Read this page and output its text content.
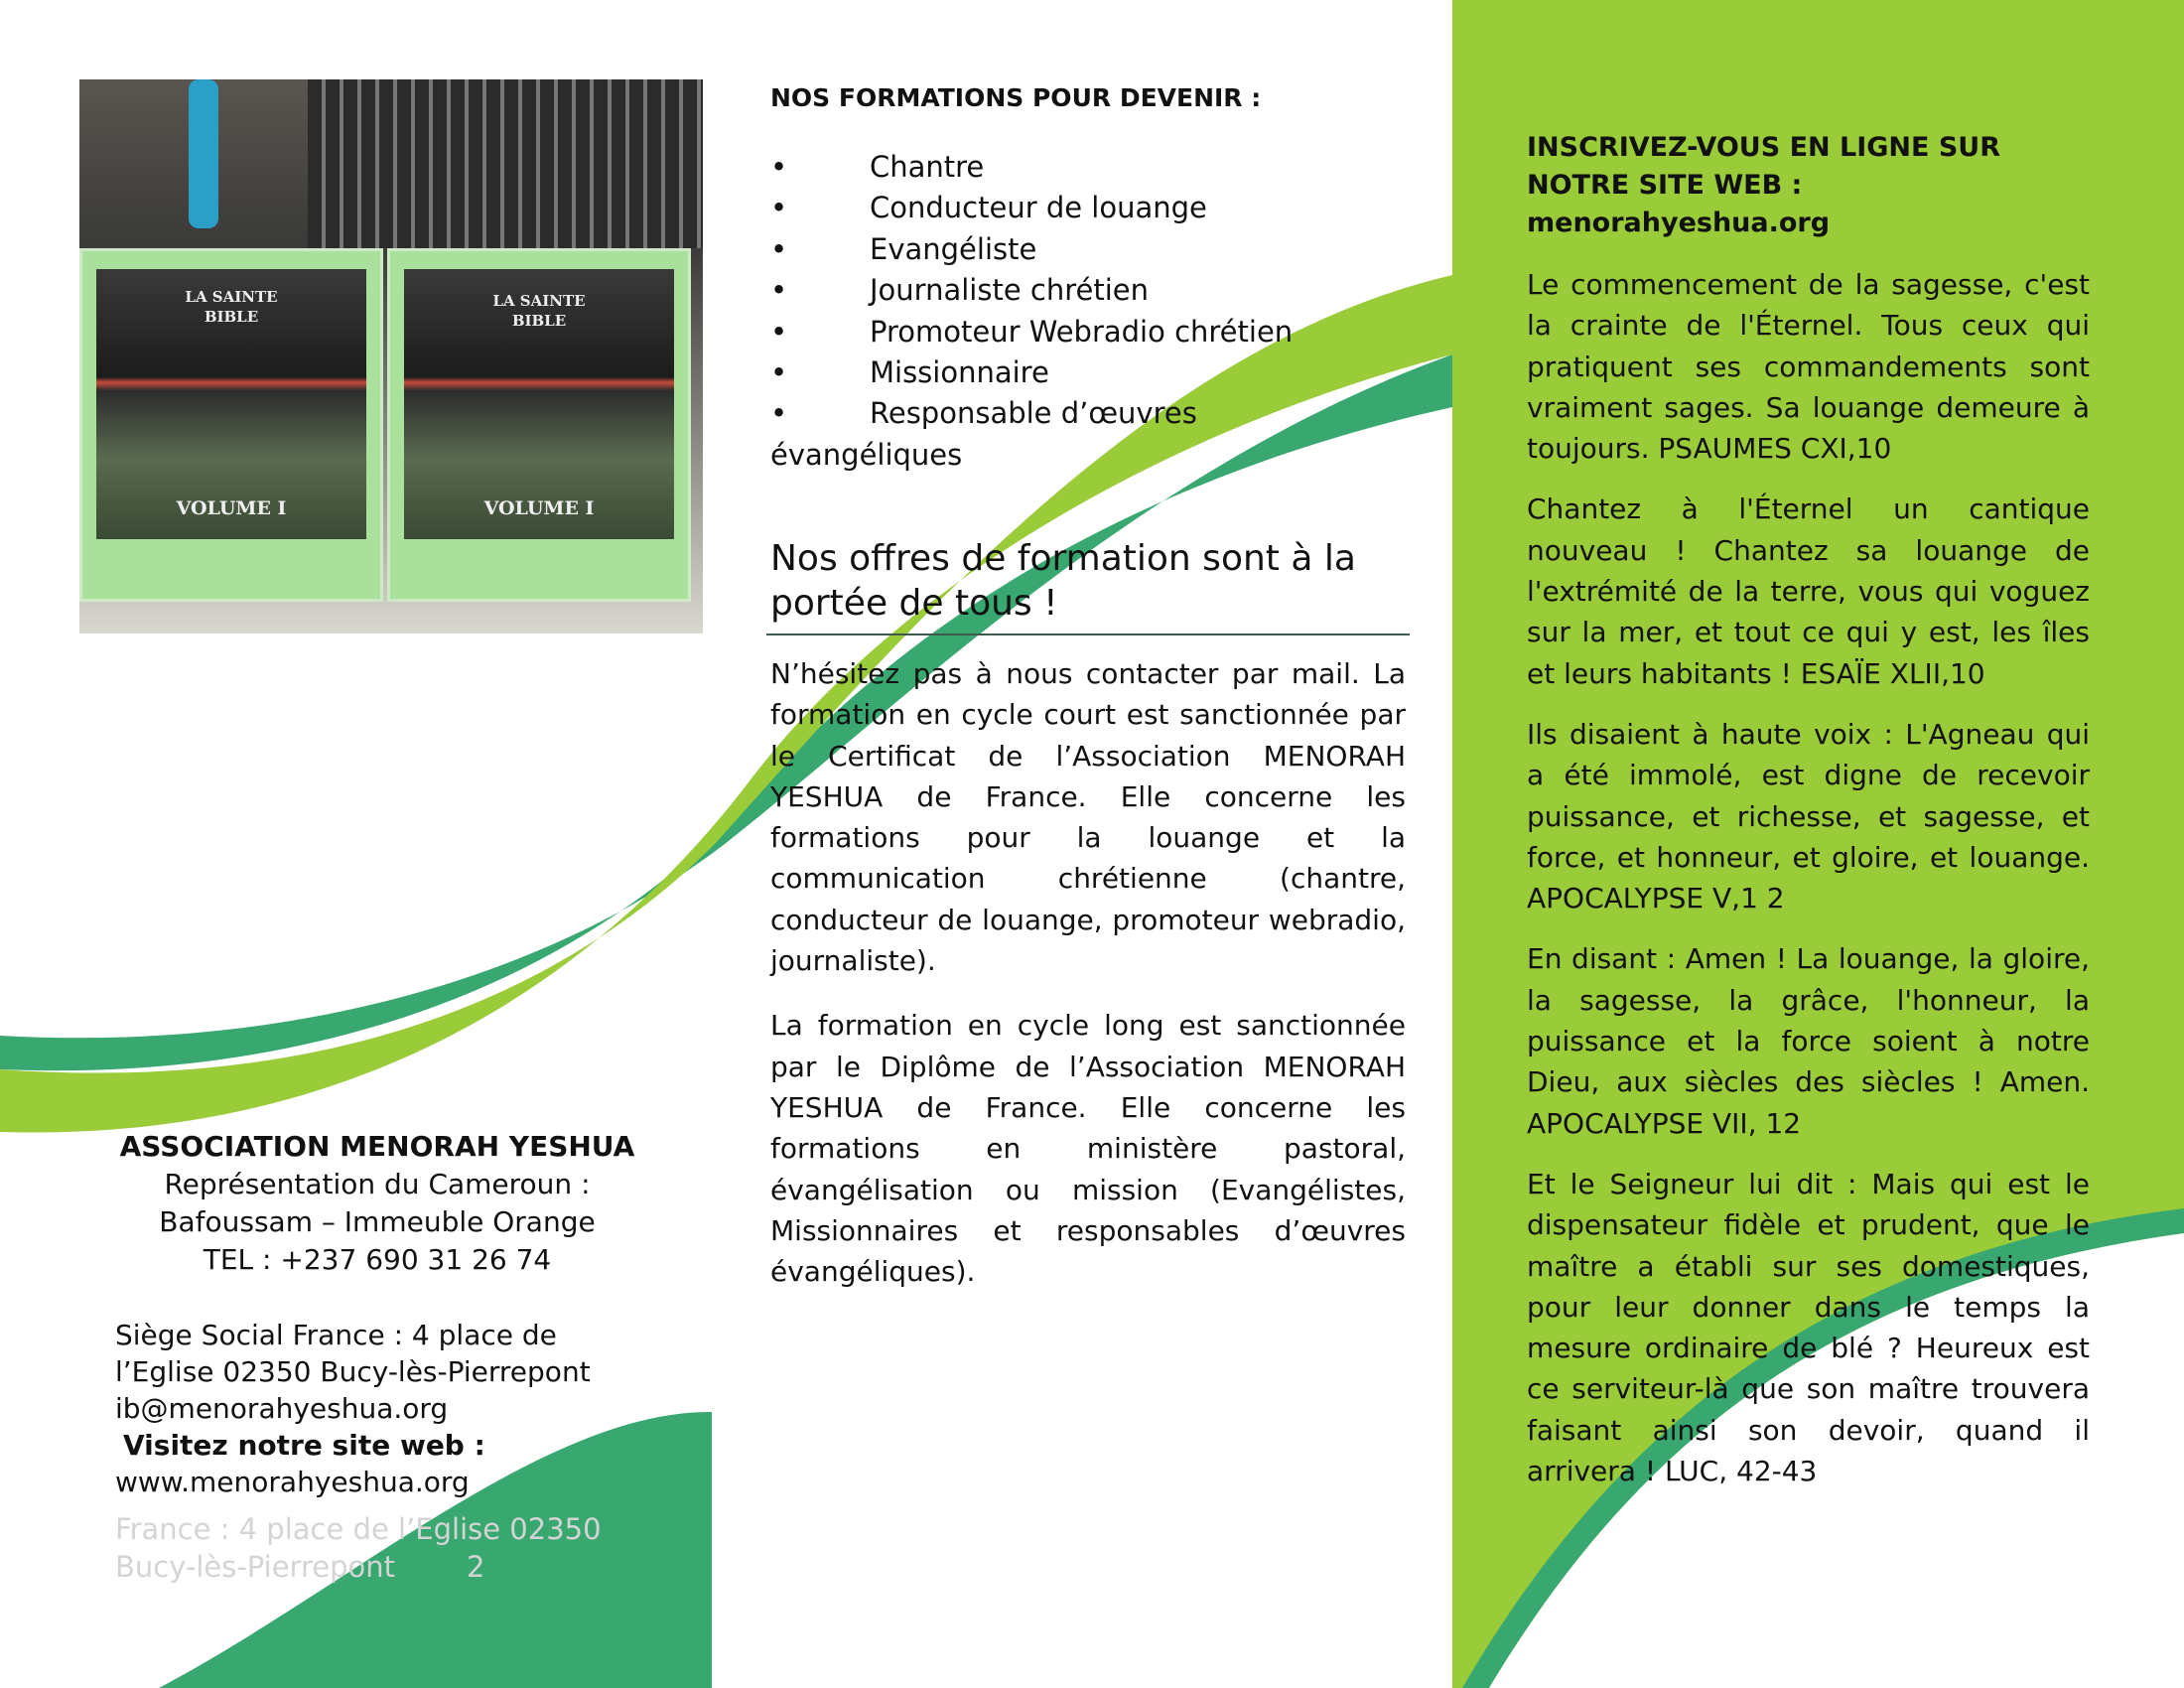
LA SAINTE
BIBLE
VOLUME I
LA SAINTE
BIBLE
VOLUME I
NOS FORMATIONS POUR DEVENIR :
•	Chantre
•	Conducteur de louange
•	Evangéliste
•	Journaliste chrétien
•	Promoteur Webradio chrétien
•	Missionnaire
•	Responsable d’œuvres
évangéliques
Nos offres de formation sont à la portée de tous !
N’hésitez pas à nous contacter par mail. La formation en cycle court est sanctionnée par le Certificat de l’Association MENORAH YESHUA de France. Elle concerne les formations pour la louange et la communication chrétienne (chantre, conducteur de louange, promoteur webradio, journaliste).
La formation en cycle long est sanctionnée par le Diplôme de l’Association MENORAH YESHUA de France. Elle concerne les formations en ministère pastoral, évangélisation ou mission (Evangélistes, Missionnaires et responsables d’œuvres évangéliques).
ASSOCIATION MENORAH YESHUA
Représentation du Cameroun :
Bafoussam – Immeuble Orange
TEL : +237 690 31 26 74
Siège Social France : 4 place de
l’Eglise 02350 Bucy-lès-Pierrepont
ib@menorahyeshua.org
Visitez notre site web :
www.menorahyeshua.org
France : 4 place de l’Eglise 02350
Bucy-lès-Pierrepont 2
INSCRIVEZ-VOUS EN LIGNE SUR NOTRE SITE WEB : menorahyeshua.org

Le commencement de la sagesse, c'est la crainte de l'Éternel. Tous ceux qui pratiquent ses commandements sont vraiment sages. Sa louange demeure à toujours. PSAUMES CXI,10

Chantez à l'Éternel un cantique nouveau ! Chantez sa louange de l'extrémité de la terre, vous qui voguez sur la mer, et tout ce qui y est, les îles et leurs habitants ! ESAÏE XLII,10

Ils disaient à haute voix : L'Agneau qui a été immolé, est digne de recevoir puissance, et richesse, et sagesse, et force, et honneur, et gloire, et louange. APOCALYPSE V,1 2

En disant : Amen ! La louange, la gloire, la sagesse, la grâce, l'honneur, la puissance et la force soient à notre Dieu, aux siècles des siècles ! Amen. APOCALYPSE VII, 12

Et le Seigneur lui dit : Mais qui est le dispensateur fidèle et prudent, que le maître a établi sur ses domestiques, pour leur donner dans le temps la mesure ordinaire de blé ? Heureux est ce serviteur-là que son maître trouvera faisant ainsi son devoir, quand il arrivera ! LUC, 42-43
